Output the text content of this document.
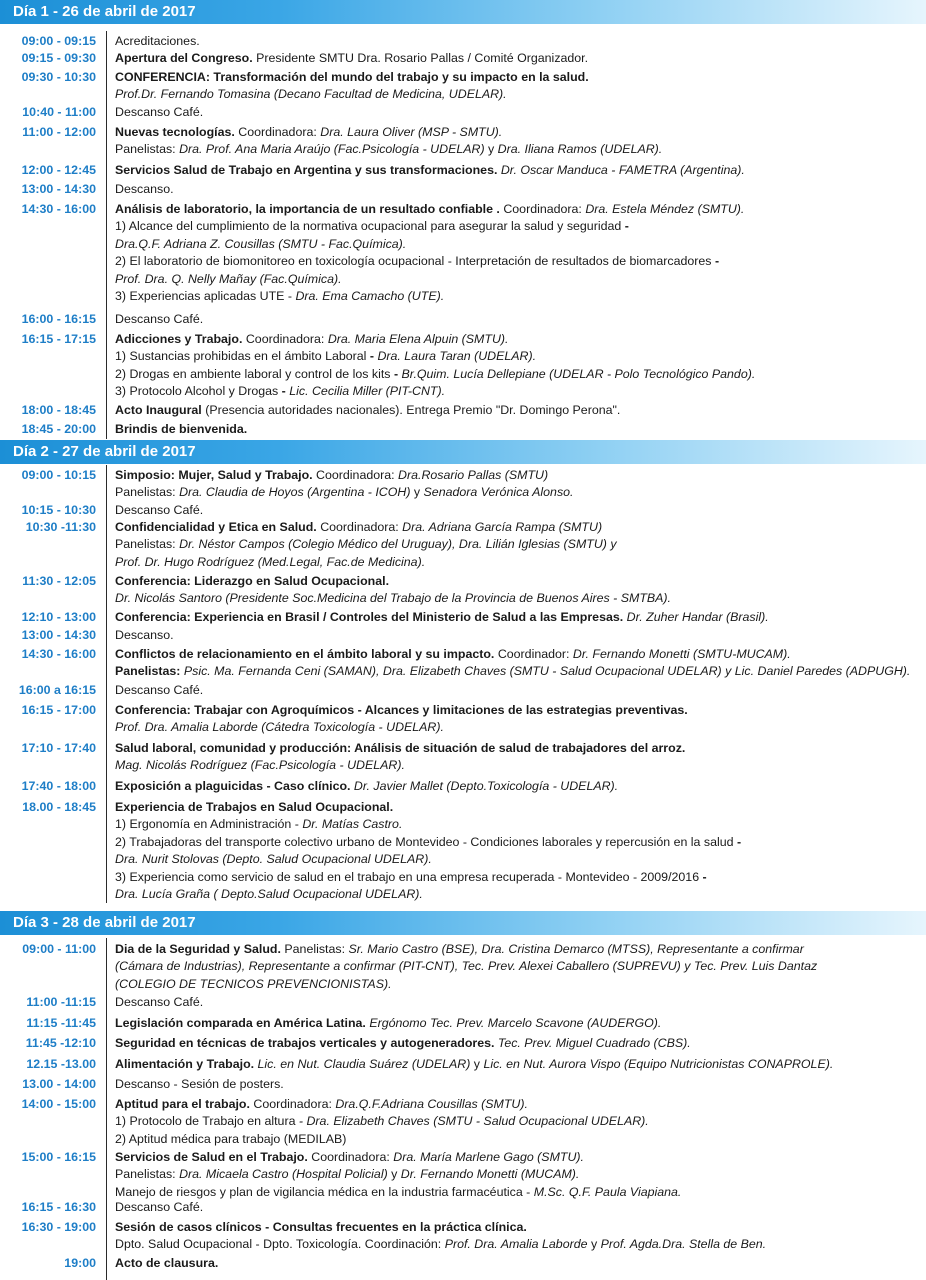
Día 1 - 26 de abril de 2017
09:00 - 09:15 Acreditaciones.
09:15 - 09:30 Apertura del Congreso. Presidente SMTU Dra. Rosario Pallas / Comité Organizador.
09:30 - 10:30 CONFERENCIA: Transformación del mundo del trabajo y su impacto en la salud.
Prof.Dr. Fernando Tomasina (Decano Facultad de Medicina, UDELAR).
10:40 - 11:00 Descanso Café.
11:00 - 12:00 Nuevas tecnologías. Coordinadora: Dra. Laura Oliver (MSP - SMTU).
Panelistas: Dra. Prof. Ana Maria Araújo (Fac.Psicología - UDELAR) y Dra. Iliana Ramos (UDELAR).
12:00 - 12:45 Servicios Salud de Trabajo en Argentina y sus transformaciones. Dr. Oscar Manduca - FAMETRA (Argentina).
13:00 - 14:30 Descanso.
14:30 - 16:00 Análisis de laboratorio, la importancia de un resultado confiable . Coordinadora: Dra. Estela Méndez (SMTU).
1) Alcance del cumplimiento de la normativa ocupacional para asegurar la salud y seguridad -
Dra.Q.F. Adriana Z. Cousillas (SMTU - Fac.Química).
2) El laboratorio de biomonitoreo en toxicología ocupacional - Interpretación de resultados de biomarcadores -
Prof. Dra. Q. Nelly Mañay (Fac.Química).
3) Experiencias aplicadas UTE - Dra. Ema Camacho (UTE).
16:00 - 16:15 Descanso Café.
16:15 - 17:15 Adicciones y Trabajo. Coordinadora: Dra. Maria Elena Alpuin (SMTU).
1) Sustancias prohibidas en el ámbito Laboral - Dra. Laura Taran (UDELAR).
2) Drogas en ambiente laboral y control de los kits - Br.Quim. Lucía Dellepiane (UDELAR - Polo Tecnológico Pando).
3) Protocolo Alcohol y Drogas - Lic. Cecilia Miller (PIT-CNT).
18:00 - 18:45 Acto Inaugural (Presencia autoridades nacionales). Entrega Premio "Dr. Domingo Perona".
18:45 - 20:00 Brindis de bienvenida.
Día 2 - 27 de abril de 2017
09:00 - 10:15 Simposio: Mujer, Salud y Trabajo. Coordinadora: Dra.Rosario Pallas (SMTU)
Panelistas: Dra. Claudia de Hoyos (Argentina - ICOH) y Senadora Verónica Alonso.
10:15 - 10:30 Descanso Café.
10:30 -11:30 Confidencialidad y Etica en Salud. Coordinadora: Dra. Adriana García Rampa (SMTU)
Panelistas: Dr. Néstor Campos (Colegio Médico del Uruguay), Dra. Lilián Iglesias (SMTU) y
Prof. Dr. Hugo Rodríguez (Med.Legal, Fac.de Medicina).
11:30 - 12:05 Conferencia: Liderazgo en Salud Ocupacional.
Dr. Nicolás Santoro (Presidente Soc.Medicina del Trabajo de la Provincia de Buenos Aires - SMTBA).
12:10 - 13:00 Conferencia: Experiencia en Brasil / Controles del Ministerio de Salud a las Empresas. Dr. Zuher Handar (Brasil).
13:00 - 14:30 Descanso.
14:30 - 16:00 Conflictos de relacionamiento en el ámbito laboral y su impacto. Coordinador: Dr. Fernando Monetti (SMTU-MUCAM).
Panelistas: Psic. Ma. Fernanda Ceni (SAMAN), Dra. Elizabeth Chaves (SMTU - Salud Ocupacional UDELAR) y Lic. Daniel Paredes (ADPUGH).
16:00 a 16:15 Descanso Café.
16:15 - 17:00 Conferencia: Trabajar con Agroquímicos - Alcances y limitaciones de las estrategias preventivas.
Prof. Dra. Amalia Laborde (Cátedra Toxicología - UDELAR).
17:10 - 17:40 Salud laboral, comunidad y producción: Análisis de situación de salud de trabajadores del arroz.
Mag. Nicolás Rodríguez (Fac.Psicología - UDELAR).
17:40 - 18:00 Exposición a plaguicidas - Caso clínico. Dr. Javier Mallet (Depto.Toxicología - UDELAR).
18.00 - 18:45 Experiencia de Trabajos en Salud Ocupacional.
1) Ergonomía en Administración - Dr. Matías Castro.
2) Trabajadoras del transporte colectivo urbano de Montevideo - Condiciones laborales y repercusión en la salud -
Dra. Nurit Stolovas (Depto. Salud Ocupacional UDELAR).
3) Experiencia como servicio de salud en el trabajo en una empresa recuperada - Montevideo - 2009/2016 -
Dra. Lucía Graña ( Depto.Salud Ocupacional UDELAR).
Día 3 - 28 de abril de 2017
09:00 - 11:00 Dia de la Seguridad y Salud. Panelistas: Sr. Mario Castro (BSE), Dra. Cristina Demarco (MTSS), Representante a confirmar
(Cámara de Industrias), Representante a confirmar (PIT-CNT), Tec. Prev. Alexei Caballero (SUPREVU) y Tec. Prev. Luis Dantaz
(COLEGIO DE TECNICOS PREVENCIONISTAS).
11:00 -11:15 Descanso Café.
11:15 -11:45 Legislación comparada en América Latina. Ergónomo Tec. Prev. Marcelo Scavone (AUDERGO).
11:45 -12:10 Seguridad en técnicas de trabajos verticales y autogeneradores. Tec. Prev. Miguel Cuadrado (CBS).
12.15 -13.00 Alimentación y Trabajo. Lic. en Nut. Claudia Suárez (UDELAR) y Lic. en Nut. Aurora Vispo (Equipo Nutricionistas CONAPROLE).
13.00 - 14:00 Descanso - Sesión de posters.
14:00 - 15:00 Aptitud para el trabajo. Coordinadora: Dra.Q.F.Adriana Cousillas (SMTU).
1) Protocolo de Trabajo en altura - Dra. Elizabeth Chaves (SMTU - Salud Ocupacional UDELAR).
2) Aptitud médica para trabajo (MEDILAB)
15:00 - 16:15 Servicios de Salud en el Trabajo. Coordinadora: Dra. María Marlene Gago (SMTU).
Panelistas: Dra. Micaela Castro (Hospital Policial) y Dr. Fernando Monetti (MUCAM).
Manejo de riesgos y plan de vigilancia médica en la industria farmacéutica - M.Sc. Q.F. Paula Viapiana.
16:15 - 16:30 Descanso Café.
16:30 - 19:00 Sesión de casos clínicos - Consultas frecuentes en la práctica clínica.
Dpto. Salud Ocupacional - Dpto. Toxicología. Coordinación: Prof. Dra. Amalia Laborde y Prof. Agda.Dra. Stella de Ben.
19:00 Acto de clausura.
